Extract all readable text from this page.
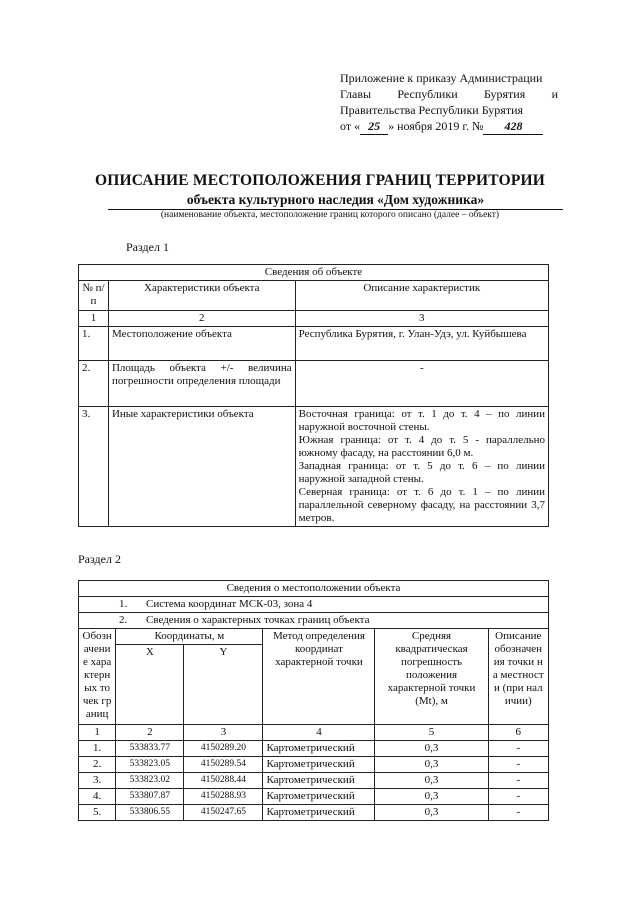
Приложение к приказу Администрации
Главы Республики Бурятия и
Правительства Республики Бурятия
от « 25 » ноября 2019 г. № 428
ОПИСАНИЕ МЕСТОПОЛОЖЕНИЯ ГРАНИЦ ТЕРРИТОРИИ
объекта культурного наследия «Дом художника»
(наименование объекта, местоположение границ которого описано (далее – объект)
Раздел 1
Сведения об объекте		
№ п/п	Характеристики объекта	Описание характеристик
1	2	3
1.	Местоположение объекта	Республика Бурятия, г. Улан-Удэ, ул. Куйбышева
2.	Площадь объекта +/- величина погрешности определения площади	-
3.	Иные характеристики объекта	Восточная граница: от т. 1 до т. 4 – по линии наружной восточной стены.
Южная граница: от т. 4 до т. 5 - параллельно южному фасаду, на расстоянии 6,0 м.
Западная граница: от т. 5 до т. 6 – по линии наружной западной стены.
Северная граница: от т. 6 до т. 1 – по линии параллельной северному фасаду, на расстоянии 3,7 метров.
Раздел 2
Сведения о местоположении объекта					
1. Система координат МСК-03, зона 4					
2. Сведения о характерных точках границ объекта					
Обозначение характерных точек границ	Координаты, м		Метод определения координат характерной точки	Средняя квадратическая погрешность положения характерной точки (Mt), м	Описание обозначения точки на местности (при наличии)
	X	Y			
1	2	3	4	5	6
1.	533833.77	4150289.20	Картометрический	0,3	-
2.	533823.05	4150289.54	Картометрический	0,3	-
3.	533823.02	4150288.44	Картометрический	0,3	-
4.	533807.87	4150288.93	Картометрический	0,3	-
5.	533806.55	4150247.65	Картометрический	0,3	-
